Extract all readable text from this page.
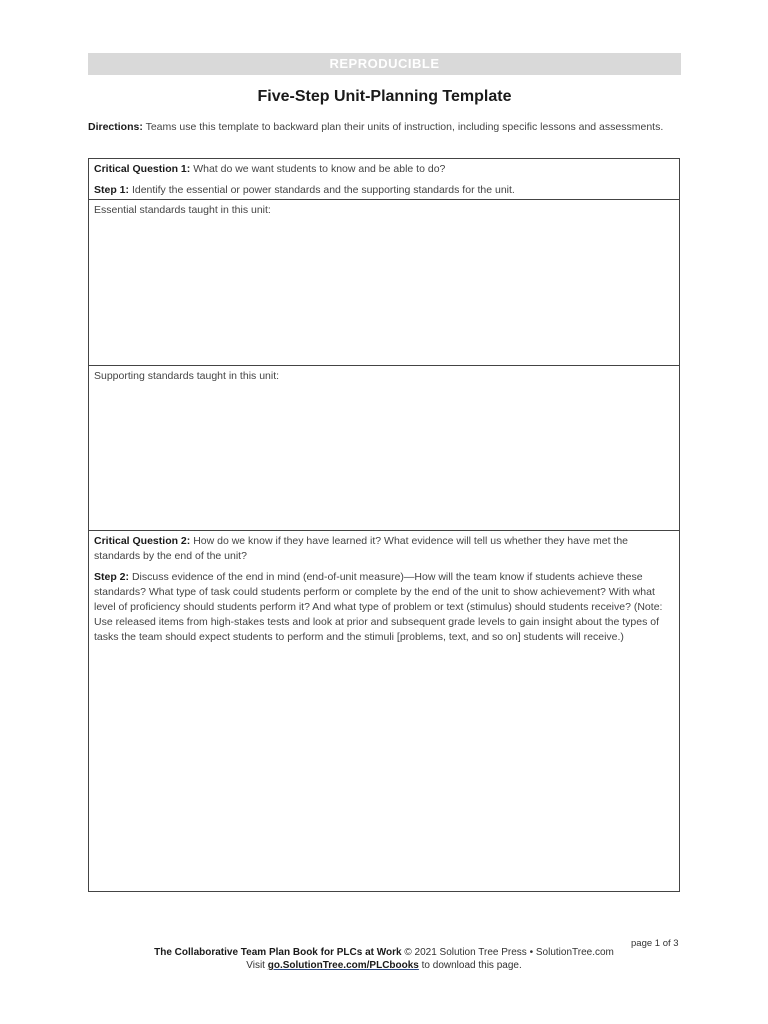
REPRODUCIBLE
Five-Step Unit-Planning Template
Directions: Teams use this template to backward plan their units of instruction, including specific lessons and assessments.
Critical Question 1: What do we want students to know and be able to do?
Step 1: Identify the essential or power standards and the supporting standards for the unit.
Essential standards taught in this unit:
Supporting standards taught in this unit:
Critical Question 2: How do we know if they have learned it? What evidence will tell us whether they have met the standards by the end of the unit?
Step 2: Discuss evidence of the end in mind (end-of-unit measure)—How will the team know if students achieve these standards? What type of task could students perform or complete by the end of the unit to show achievement? With what level of proficiency should students perform it? And what type of problem or text (stimulus) should students receive? (Note: Use released items from high-stakes tests and look at prior and subsequent grade levels to gain insight about the types of tasks the team should expect students to perform and the stimuli [problems, text, and so on] students will receive.)
page 1 of 3
The Collaborative Team Plan Book for PLCs at Work © 2021 Solution Tree Press • SolutionTree.com
Visit go.SolutionTree.com/PLCbooks to download this page.
